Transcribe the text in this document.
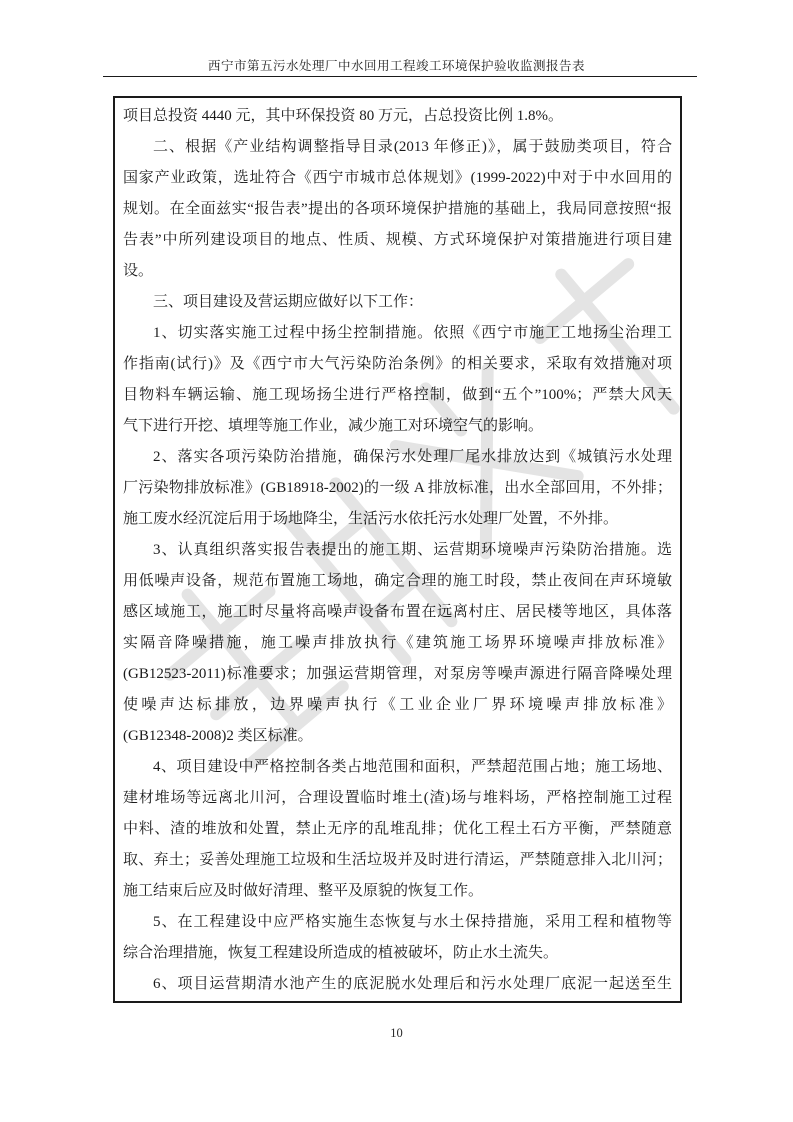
西宁市第五污水处理厂中水回用工程竣工环境保护验收监测报告表
项目总投资 4440 元，其中环保投资 80 万元，占总投资比例 1.8%。
二、根据《产业结构调整指导目录(2013 年修正)》，属于鼓励类项目，符合
国家产业政策，选址符合《西宁市城市总体规划》(1999-2022)中对于中水回用的
规划。在全面兹实“报告表”提出的各项环境保护措施的基础上，我局同意按照“报
告表”中所列建设项目的地点、性质、规模、方式环境保护对策措施进行项目建
设。
三、项目建设及营运期应做好以下工作：
1、切实落实施工过程中扬尘控制措施。依照《西宁市施工工地扬尘治理工
作指南(试行)》及《西宁市大气污染防治条例》的相关要求，采取有效措施对项
目物料车辆运输、施工现场扬尘进行严格控制，做到“五个”100%；严禁大风天
气下进行开挖、填埋等施工作业，减少施工对环境空气的影响。
2、落实各项污染防治措施，确保污水处理厂尾水排放达到《城镇污水处理
厂污染物排放标准》(GB18918-2002)的一级 A 排放标准，出水全部回用，不外排；
施工废水经沉淀后用于场地降尘，生活污水依托污水处理厂处置，不外排。
3、认真组织落实报告表提出的施工期、运营期环境噪声污染防治措施。选
用低噪声设备，规范布置施工场地，确定合理的施工时段，禁止夜间在声环境敏
感区域施工，施工时尽量将高噪声设备布置在远离村庄、居民楼等地区，具体落
实隔音降噪措施，施工噪声排放执行《建筑施工场界环境噪声排放标准》
(GB12523-2011)标准要求；加强运营期管理，对泵房等噪声源进行隔音降噪处理
使噪声达标排放，边界噪声执行《工业企业厂界环境噪声排放标准》
(GB12348-2008)2 类区标准。
4、项目建设中严格控制各类占地范围和面积，严禁超范围占地；施工场地、
建材堆场等远离北川河，合理设置临时堆土(渣)场与堆料场，严格控制施工过程
中料、渣的堆放和处置，禁止无序的乱堆乱排；优化工程土石方平衡，严禁随意
取、弃土；妥善处理施工垃圾和生活垃圾并及时进行清运，严禁随意排入北川河；
施工结束后应及时做好清理、整平及原貌的恢复工作。
5、在工程建设中应严格实施生态恢复与水土保持措施，采用工程和植物等
综合治理措施，恢复工程建设所造成的植被破坏，防止水土流失。
6、项目运营期清水池产生的底泥脱水处理后和污水处理厂底泥一起送至生
10
